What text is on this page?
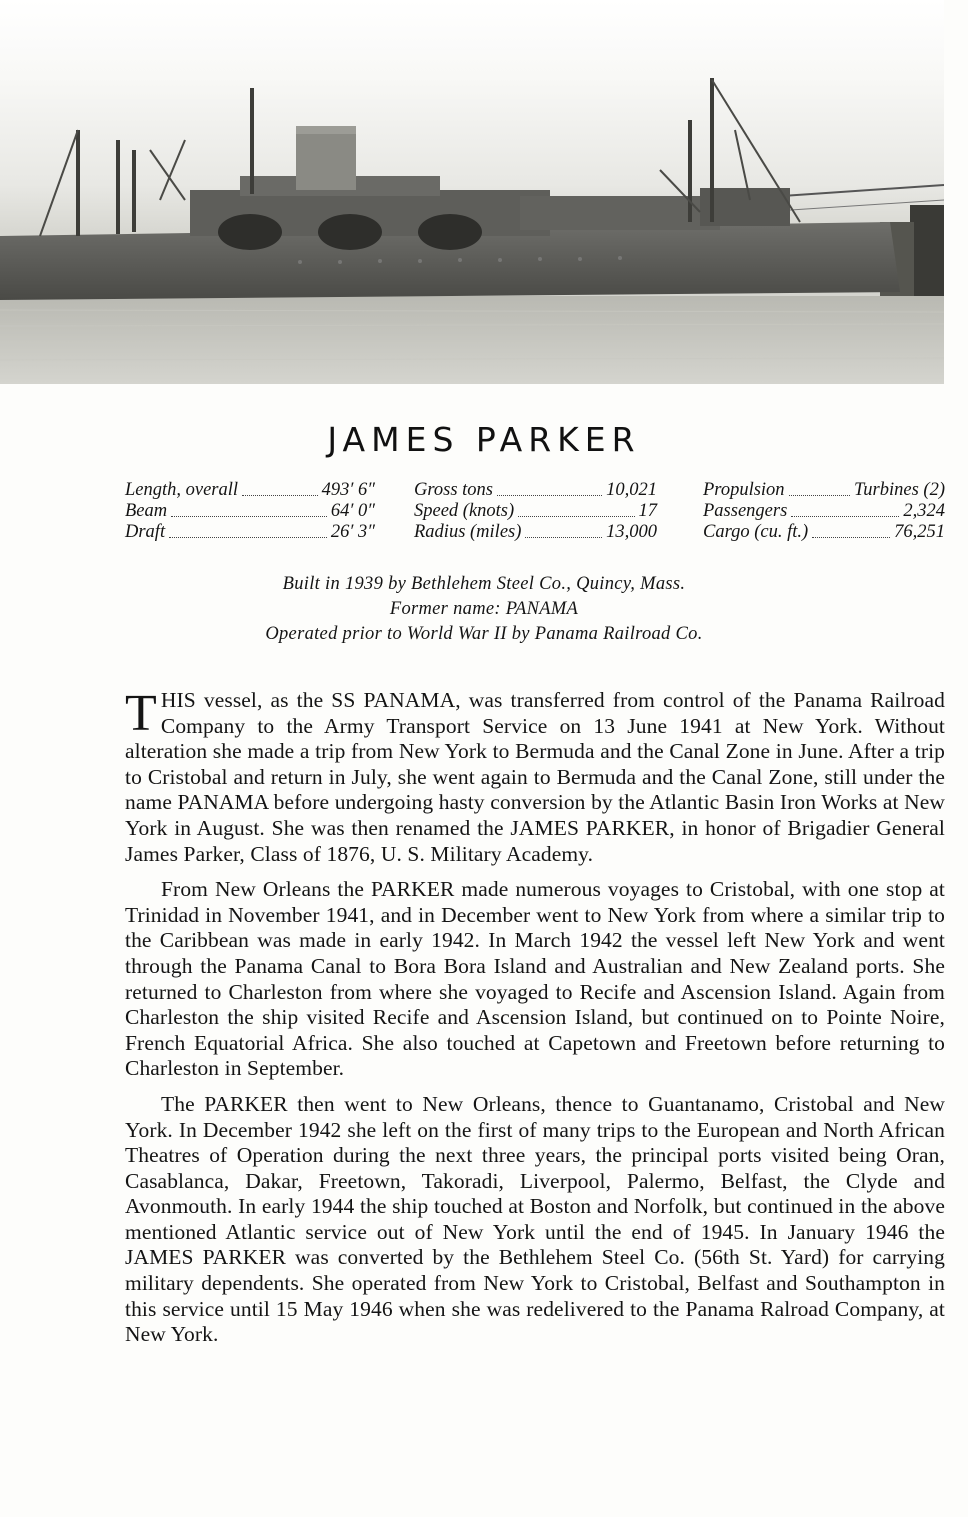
JAMES PARKER
Length, overall	493′ 6″
Beam	64′ 0″
Draft	26′ 3″
Gross tons	10,021
Speed (knots)	17
Radius (miles)	13,000
Propulsion	Turbines (2)
Passengers	2,324
Cargo (cu. ft.)	76,251
Built in 1939 by Bethlehem Steel Co., Quincy, Mass.
Former name: PANAMA
Operated prior to World War II by Panama Railroad Co.

THIS vessel, as the SS PANAMA, was transferred from control of the Panama Railroad Company to the Army Transport Service on 13 June 1941 at New York. Without alteration she made a trip from New York to Bermuda and the Canal Zone in June. After a trip to Cristobal and return in July, she went again to Bermuda and the Canal Zone, still under the name PANAMA before undergoing hasty conversion by the Atlantic Basin Iron Works at New York in August. She was then renamed the JAMES PARKER, in honor of Brigadier General James Parker, Class of 1876, U. S. Military Academy.

From New Orleans the PARKER made numerous voyages to Cristobal, with one stop at Trinidad in November 1941, and in December went to New York from where a similar trip to the Caribbean was made in early 1942. In March 1942 the vessel left New York and went through the Panama Canal to Bora Bora Island and Australian and New Zealand ports. She returned to Charleston from where she voyaged to Recife and Ascension Island. Again from Charleston the ship visited Recife and Ascension Island, but continued on to Pointe Noire, French Equatorial Africa. She also touched at Capetown and Freetown before returning to Charleston in September.

The PARKER then went to New Orleans, thence to Guantanamo, Cristobal and New York. In December 1942 she left on the first of many trips to the European and North African Theatres of Operation during the next three years, the principal ports visited being Oran, Casablanca, Dakar, Freetown, Takoradi, Liverpool, Palermo, Belfast, the Clyde and Avonmouth. In early 1944 the ship touched at Boston and Norfolk, but continued in the above mentioned Atlantic service out of New York until the end of 1945. In January 1946 the JAMES PARKER was converted by the Bethlehem Steel Co. (56th St. Yard) for carrying military dependents. She operated from New York to Cristobal, Belfast and Southampton in this service until 15 May 1946 when she was redelivered to the Panama Ralroad Company, at New York.
